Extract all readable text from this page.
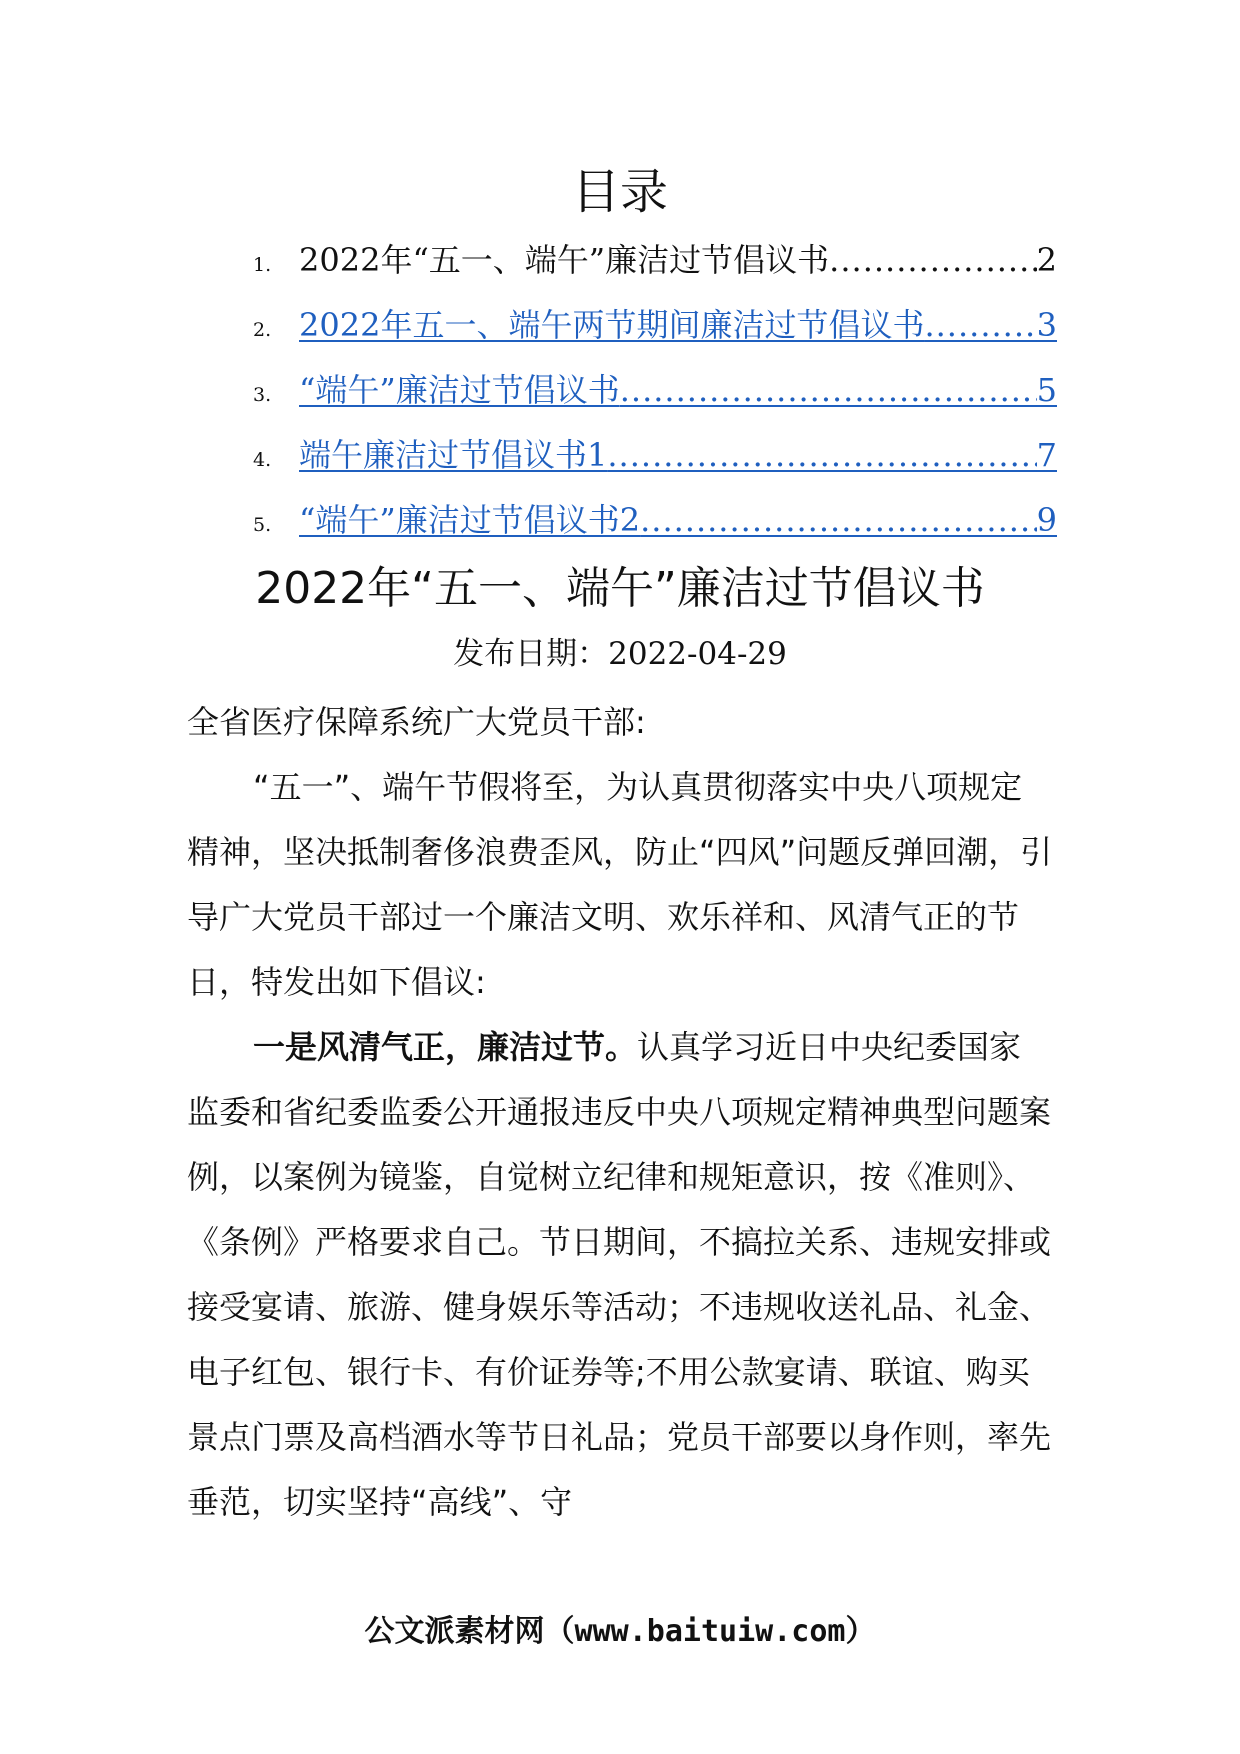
目录
1. 2022年“五一、端午”廉洁过节倡议书 .....	2
2. 2022年五一、端午两节期间廉洁过节倡议书 .....	3
3. “端午”廉洁过节倡议书 .....	5
4. 端午廉洁过节倡议书1 .....	7
5. “端午”廉洁过节倡议书2 .....	9
2022年“五一、端午”廉洁过节倡议书
发布日期：2022-04-29

全省医疗保障系统广大党员干部:

“五一”、端午节假将至，为认真贯彻落实中央八项规定精神，坚决抵制奢侈浪费歪风，防止“四风”问题反弹回潮，引导广大党员干部过一个廉洁文明、欢乐祥和、风清气正的节日，特发出如下倡议:

一是风清气正，廉洁过节。认真学习近日中央纪委国家监委和省纪委监委公开通报违反中央八项规定精神典型问题案例，以案例为镜鉴，自觉树立纪律和规矩意识，按《准则》、《条例》严格要求自己。节日期间，不搞拉关系、违规安排或接受宴请、旅游、健身娱乐等活动；不违规收送礼品、礼金、电子红包、银行卡、有价证券等;不用公款宴请、联谊、购买景点门票及高档酒水等节日礼品；党员干部要以身作则，率先垂范，切实坚持“高线”、守

公文派素材网（www.baituiw.com）
